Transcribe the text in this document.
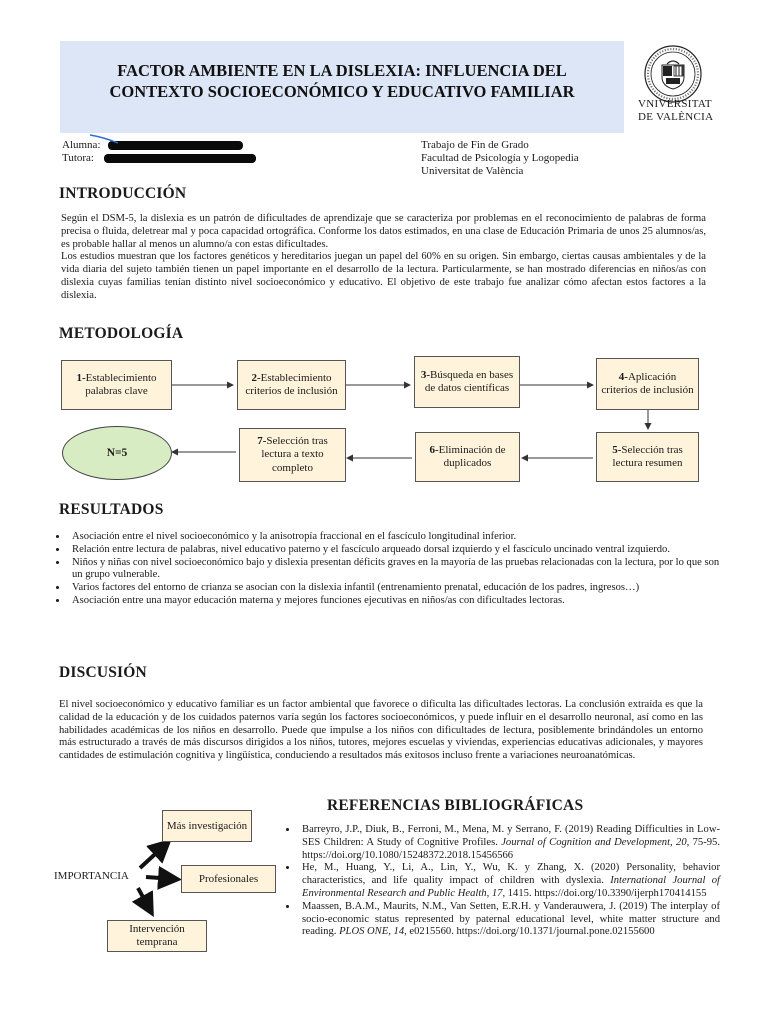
FACTOR AMBIENTE EN LA DISLEXIA: INFLUENCIA DEL
CONTEXTO SOCIOECONÓMICO Y EDUCATIVO FAMILIAR
VNIVERSITAT
DE VALÈNCIA
Alumna:
Tutora:
Trabajo de Fin de Grado
Facultad de Psicología y Logopedia
Universitat de València
INTRODUCCIÓN

Según el DSM-5, la dislexia es un patrón de dificultades de aprendizaje que se caracteriza por problemas en el reconocimiento de palabras de forma precisa o fluida, deletrear mal y poca capacidad ortográfica. Conforme los datos estimados, en una clase de Educación Primaria de unos 25 alumnos/as, es probable hallar al menos un alumno/a con estas dificultades.

Los estudios muestran que los factores genéticos y hereditarios juegan un papel del 60% en su origen. Sin embargo, ciertas causas ambientales y de la vida diaria del sujeto también tienen un papel importante en el desarrollo de la lectura. Particularmente, se han mostrado diferencias en niños/as con dislexia cuyas familias tenían distinto nivel socioeconómico y educativo. El objetivo de este trabajo fue analizar cómo afectan estos factores a la dislexia.

METODOLOGÍA
1-Establecimiento palabras clave
2-Establecimiento criterios de inclusión
3-Búsqueda en bases de datos científicas
4-Aplicación criterios de inclusión
5-Selección tras lectura resumen
6-Eliminación de duplicados
7-Selección tras lectura a texto completo
N=5
RESULTADOS
• Asociación entre el nivel socioeconómico y la anisotropía fraccional en el fascículo longitudinal inferior.
• Relación entre lectura de palabras, nivel educativo paterno y el fascículo arqueado dorsal izquierdo y el fascículo uncinado ventral izquierdo.
• Niños y niñas con nivel socioeconómico bajo y dislexia presentan déficits graves en la mayoría de las pruebas relacionadas con la lectura, por lo que son un grupo vulnerable.
• Varios factores del entorno de crianza se asocian con la dislexia infantil (entrenamiento prenatal, educación de los padres, ingresos…)
• Asociación entre una mayor educación materna y mejores funciones ejecutivas en niños/as con dificultades lectoras.
DISCUSIÓN
El nivel socioeconómico y educativo familiar es un factor ambiental que favorece o dificulta las dificultades lectoras. La conclusión extraída es que la calidad de la educación y de los cuidados paternos varía según los factores socioeconómicos, y puede influir en el desarrollo neuronal, así como en las habilidades académicas de los niños en desarrollo. Puede que impulse a los niños con dificultades de lectura, posiblemente brindándoles un entorno más estructurado a través de más discursos dirigidos a los niños, tutores, mejores escuelas y viviendas, experiencias educativas adicionales, y mayores cantidades de estimulación cognitiva y lingüística, conduciendo a resultados más exitosos incluso frente a variaciones neuroanatómicas.
Más investigación
Profesionales
Intervención temprana
IMPORTANCIA
REFERENCIAS BIBLIOGRÁFICAS
• Barreyro, J.P., Diuk, B., Ferroni, M., Mena, M. y Serrano, F. (2019) Reading Difficulties in Low-SES Children: A Study of Cognitive Profiles. Journal of Cognition and Development, 20, 75-95. https://doi.org/10.1080/15248372.2018.15456566
• He, M., Huang, Y., Li, A., Lin, Y., Wu, K. y Zhang, X. (2020) Personality, behavior characteristics, and life quality impact of children with dyslexia. International Journal of Environmental Research and Public Health, 17, 1415. https://doi.org/10.3390/ijerph170414155
• Maassen, B.A.M., Maurits, N.M., Van Setten, E.R.H. y Vanderauwera, J. (2019) The interplay of socio-economic status represented by paternal educational level, white matter structure and reading. PLOS ONE, 14, e0215560. https://doi.org/10.1371/journal.pone.02155600
